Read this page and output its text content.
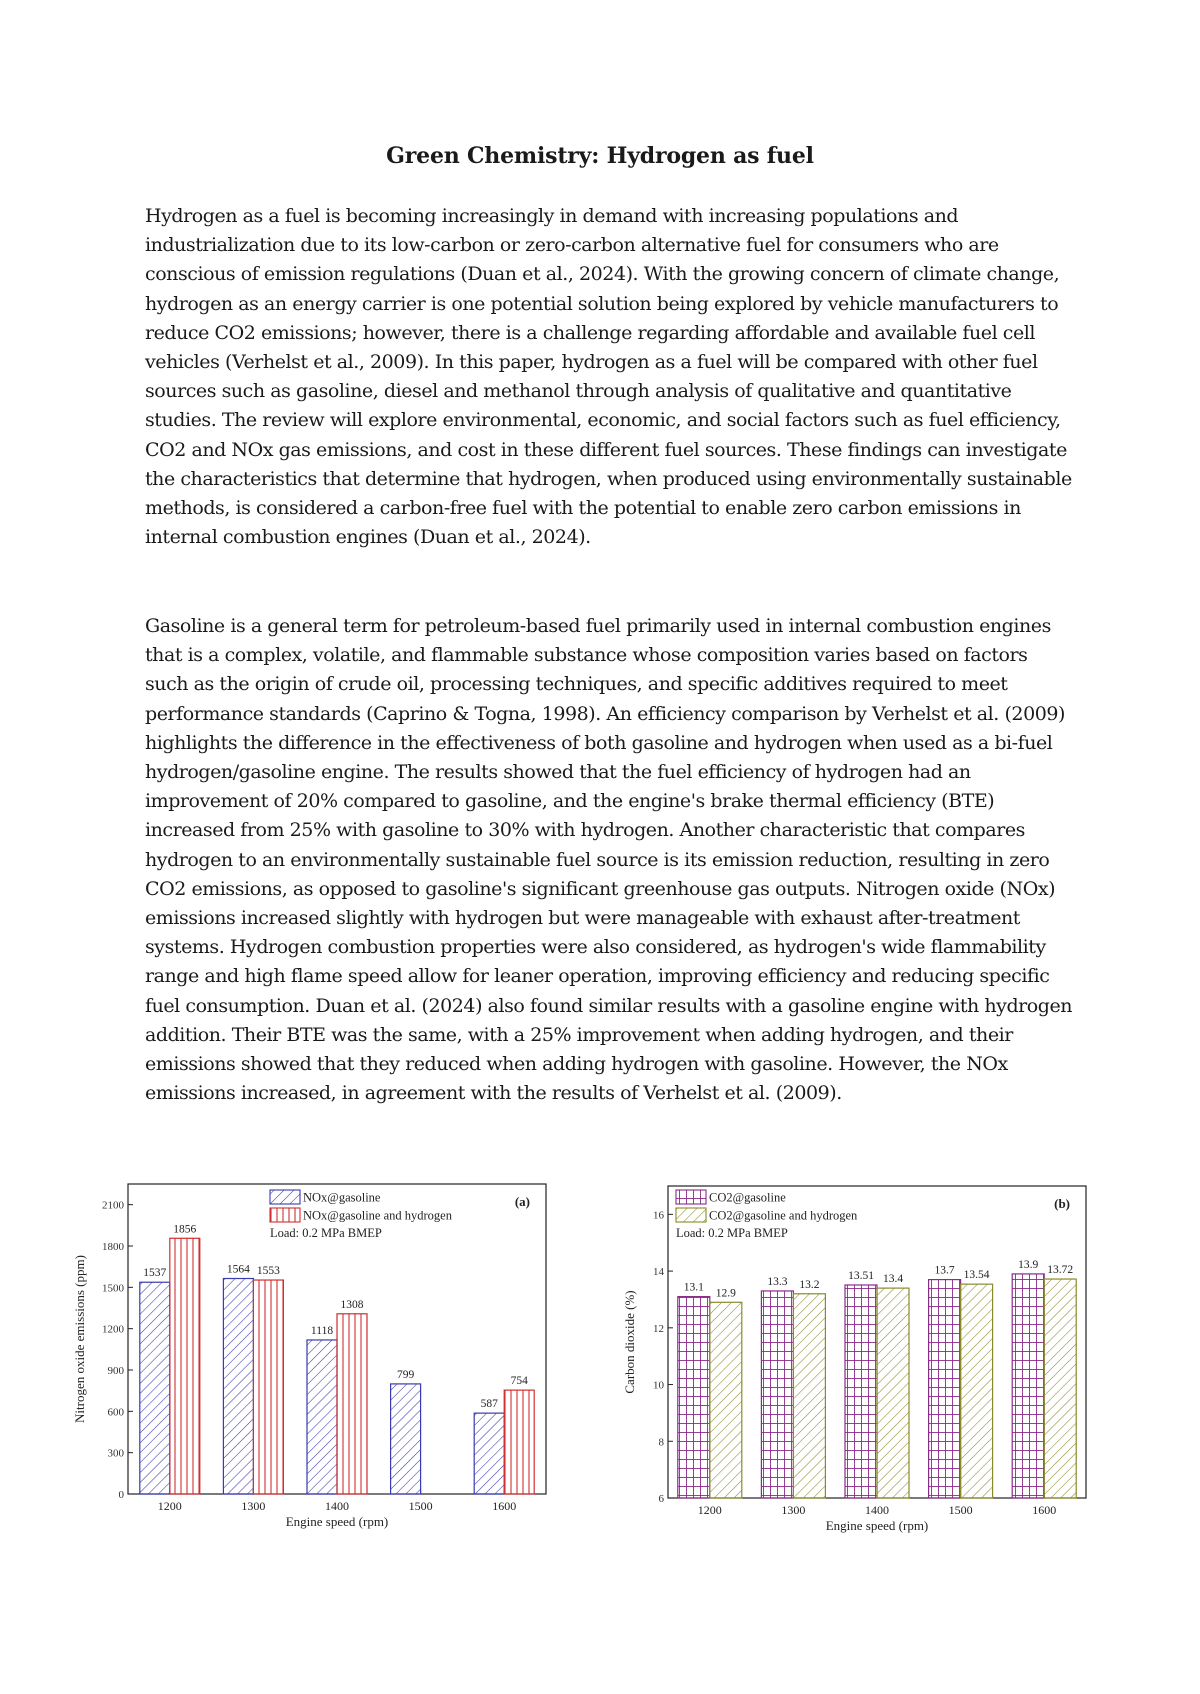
Green Chemistry: Hydrogen as fuel

Hydrogen as a fuel is becoming increasingly in demand with increasing populations and industrialization due to its low-carbon or zero-carbon alternative fuel for consumers who are conscious of emission regulations (Duan et al., 2024). With the growing concern of climate change, hydrogen as an energy carrier is one potential solution being explored by vehicle manufacturers to reduce CO2 emissions; however, there is a challenge regarding affordable and available fuel cell vehicles (Verhelst et al., 2009). In this paper, hydrogen as a fuel will be compared with other fuel sources such as gasoline, diesel and methanol through analysis of qualitative and quantitative studies. The review will explore environmental, economic, and social factors such as fuel efficiency, CO2 and NOx gas emissions, and cost in these different fuel sources. These findings can investigate the characteristics that determine that hydrogen, when produced using environmentally sustainable methods, is considered a carbon-free fuel with the potential to enable zero carbon emissions in internal combustion engines (Duan et al., 2024).

Gasoline is a general term for petroleum-based fuel primarily used in internal combustion engines that is a complex, volatile, and flammable substance whose composition varies based on factors such as the origin of crude oil, processing techniques, and specific additives required to meet performance standards (Caprino & Togna, 1998). An efficiency comparison by Verhelst et al. (2009) highlights the difference in the effectiveness of both gasoline and hydrogen when used as a bi-fuel hydrogen/gasoline engine. The results showed that the fuel efficiency of hydrogen had an improvement of 20% compared to gasoline, and the engine's brake thermal efficiency (BTE) increased from 25% with gasoline to 30% with hydrogen. Another characteristic that compares hydrogen to an environmentally sustainable fuel source is its emission reduction, resulting in zero CO2 emissions, as opposed to gasoline's significant greenhouse gas outputs. Nitrogen oxide (NOx) emissions increased slightly with hydrogen but were manageable with exhaust after-treatment systems. Hydrogen combustion properties were also considered, as hydrogen's wide flammability range and high flame speed allow for leaner operation, improving efficiency and reducing specific fuel consumption. Duan et al. (2024) also found similar results with a gasoline engine with hydrogen addition. Their BTE was the same, with a 25% improvement when adding hydrogen, and their emissions showed that they reduced when adding hydrogen with gasoline. However, the NOx emissions increased, in agreement with the results of Verhelst et al. (2009).

0
300
600
900
1200
1500
1800
2100
1200
1537
1856
1300
1564 1553
1400
1118
1308
1500
799
1600
587
754
Engine speed (rpm)
Nitrogen oxide emissions (ppm)
(a)
NOx@gasoline
NOx@gasoline and hydrogen
Load: 0.2 MPa BMEP
6
8
10
12
14
16
1200
13.1 12.9
1300
13.3 13.2
1400
13.51 13.4
1500
13.7 13.54
1600
13.9 13.72
Engine speed (rpm)
Carbon dioxide (%)
(b)
CO2@gasoline
CO2@gasoline and hydrogen
Load: 0.2 MPa BMEP
